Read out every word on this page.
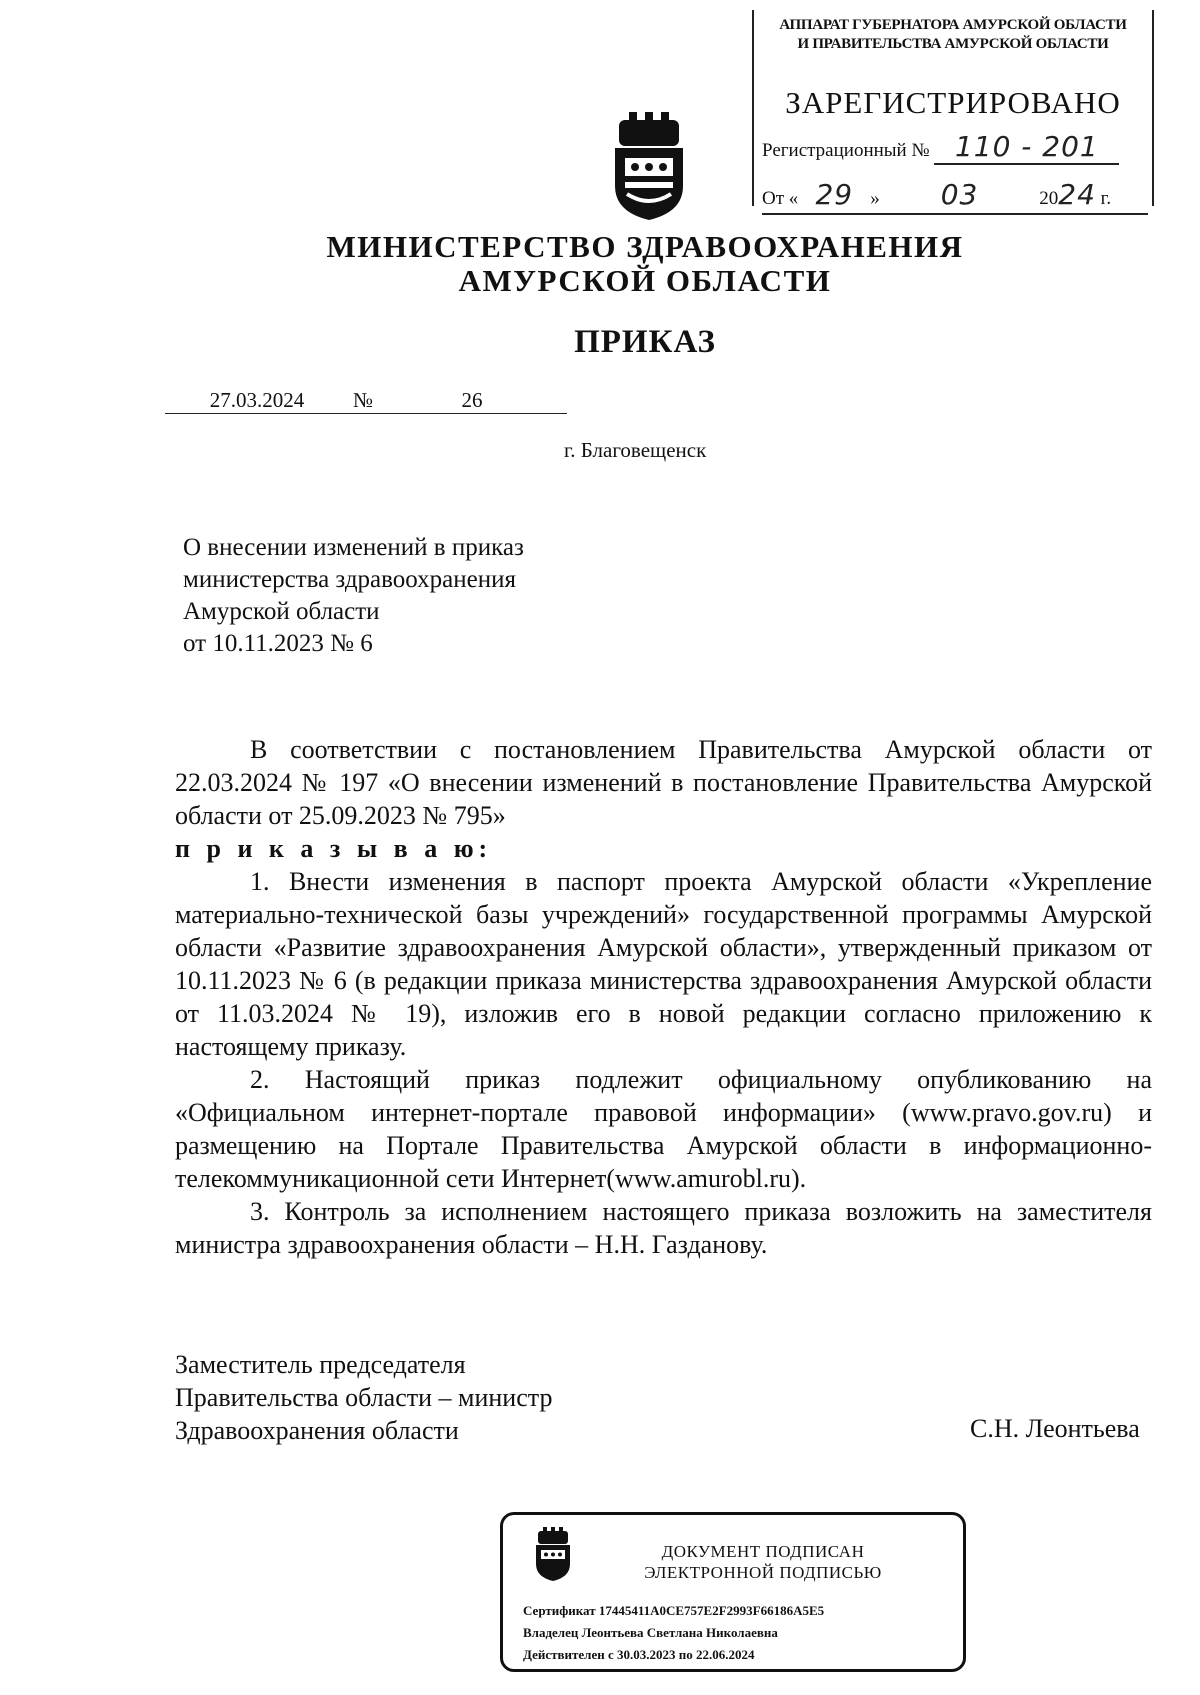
АППАРАТ ГУБЕРНАТОРА АМУРСКОЙ ОБЛАСТИ
И ПРАВИТЕЛЬСТВА АМУРСКОЙ ОБЛАСТИ
ЗАРЕГИСТРИРОВАНО
Регистрационный № 110 - 201
От « 29 » 03	2024 г.
МИНИСТЕРСТВО ЗДРАВООХРАНЕНИЯ
АМУРСКОЙ ОБЛАСТИ
ПРИКАЗ
27.03.2024 №	26
г. Благовещенск
О внесении изменений в приказ
министерства здравоохранения
Амурской области
от 10.11.2023 № 6

В соответствии с постановлением Правительства Амурской области от 22.03.2024 № 197 «О внесении изменений в постановление Правительства Амурской области от 25.09.2023 № 795»

п р и к а з ы в а ю:

1. Внести изменения в паспорт проекта Амурской области «Укрепление материально-технической базы учреждений» государственной программы Амурской области «Развитие здравоохранения Амурской области», утвержденный приказом от 10.11.2023 № 6 (в редакции приказа министерства здравоохранения Амурской области от 11.03.2024 № 19), изложив его в новой редакции согласно приложению к настоящему приказу.

2. Настоящий приказ подлежит официальному опубликованию на «Официальном интернет-портале правовой информации» (www.pravo.gov.ru) и размещению на Портале Правительства Амурской области в информационно-телекоммуникационной сети Интернет(www.amurobl.ru).

3. Контроль за исполнением настоящего приказа возложить на заместителя министра здравоохранения области – Н.Н. Газданову.

Заместитель председателя
Правительства области – министр
Здравоохранения области	С.Н. Леонтьева
ДОКУМЕНТ ПОДПИСАН
ЭЛЕКТРОННОЙ ПОДПИСЬЮ
Сертификат 17445411A0CE757E2F2993F66186A5E5
Владелец Леонтьева Светлана Николаевна
Действителен с 30.03.2023 по 22.06.2024
